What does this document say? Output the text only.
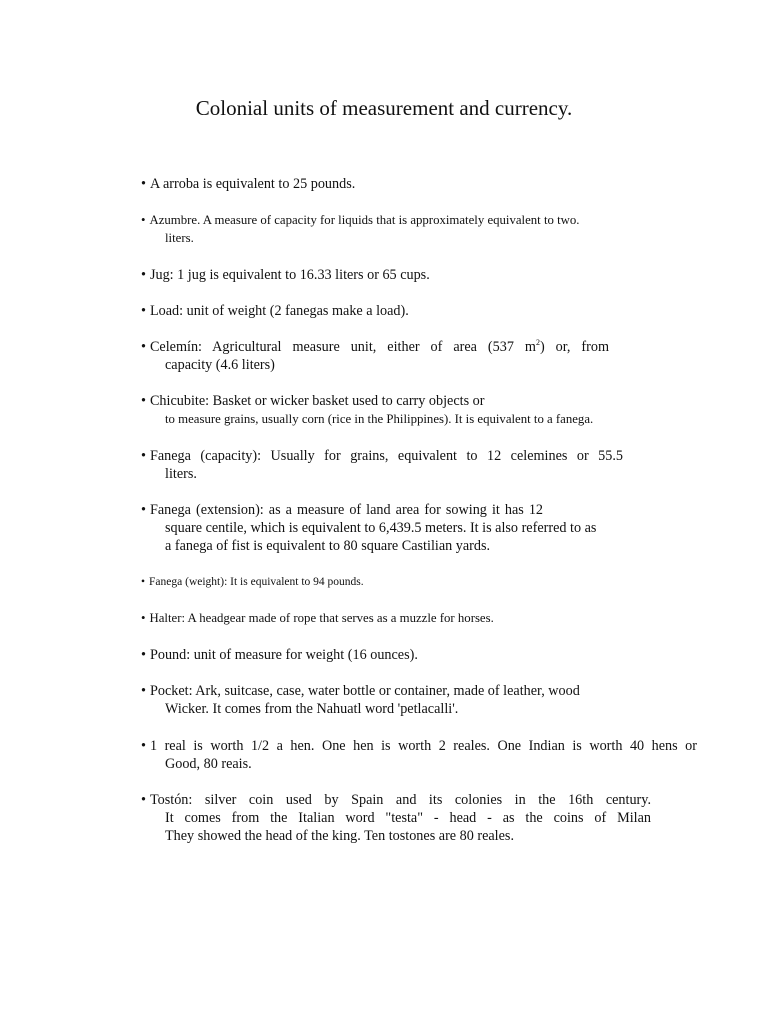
Colonial units of measurement and currency.
• A arroba is equivalent to 25 pounds.
• Azumbre. A measure of capacity for liquids that is approximately equivalent to two.
liters.
• Jug: 1 jug is equivalent to 16.33 liters or 65 cups.
• Load: unit of weight (2 fanegas make a load).
• Celemín: Agricultural measure unit, either of area (537 $m^2$) or, from
capacity (4.6 liters)
• Chicubite: Basket or wicker basket used to carry objects or
to measure grains, usually corn (rice in the Philippines). It is equivalent to a fanega.
• Fanega (capacity): Usually for grains, equivalent to 12 celemines or 55.5
liters.
• Fanega (extension): as a measure of land area for sowing it has 12
square centile, which is equivalent to 6,439.5 meters. It is also referred to as
a fanega of fist is equivalent to 80 square Castilian yards.
• Fanega (weight): It is equivalent to 94 pounds.
• Halter: A headgear made of rope that serves as a muzzle for horses.
• Pound: unit of measure for weight (16 ounces).
• Pocket: Ark, suitcase, case, water bottle or container, made of leather, wood
Wicker. It comes from the Nahuatl word 'petlacalli'.
• 1 real is worth 1/2 a hen. One hen is worth 2 reales. One Indian is worth 40 hens or
Good, 80 reais.
• Tostón: silver coin used by Spain and its colonies in the 16th century.
It comes from the Italian word "testa" - head - as the coins of Milan
They showed the head of the king. Ten tostones are 80 reales.
